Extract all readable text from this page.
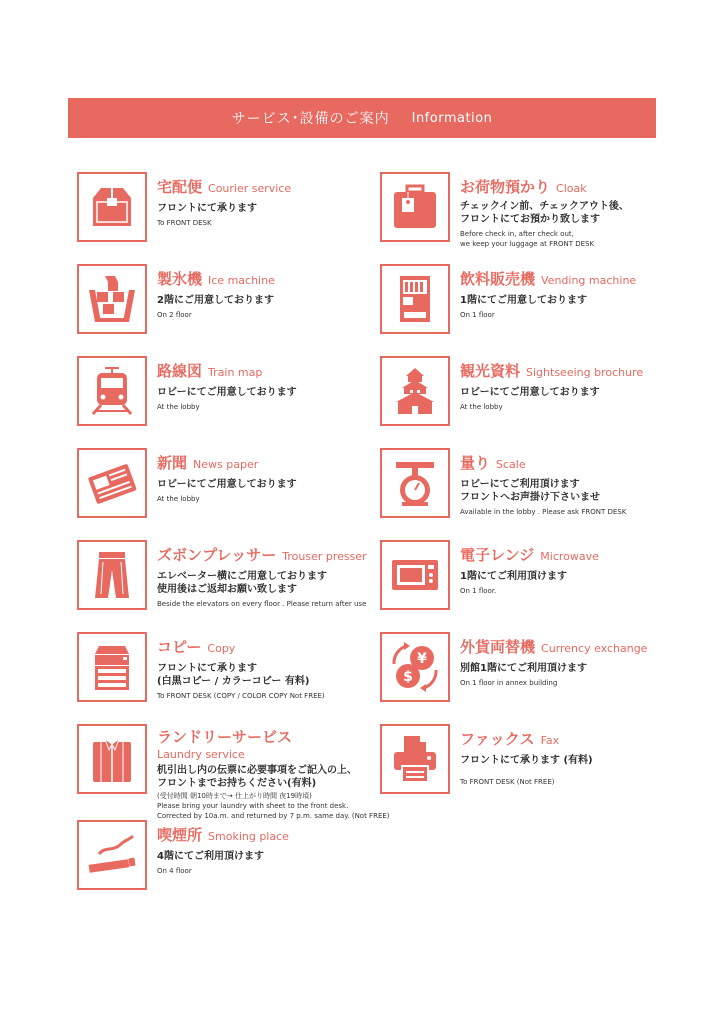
サービス･設備のご案内 Information
宅配便 Courier service
フロントにて承ります
To FRONT DESK
製氷機 Ice machine
2階にご用意しております
On 2 floor
路線図 Train map
ロビーにてご用意しております
At the lobby
新聞 News paper
ロビーにてご用意しております
At the lobby
ズボンプレッサー Trouser presser
エレベーター横にご用意しております
使用後はご返却お願い致します
Beside the elevators on every floor . Please return after use
コピー Copy
フロントにて承ります
(白黒コピー / カラーコピー 有料)
To FRONT DESK (COPY / COLOR COPY Not FREE)
ランドリーサービス
Laundry service
机引出し内の伝票に必要事項をご記入の上、
フロントまでお持ちください(有料)
(受付時間 朝10時まで→ 仕上がり時間 夜19時頃)
Please bring your laundry with sheet to the front desk.
Corrected by 10a.m. and returned by 7 p.m. same day. (Not FREE)
喫煙所 Smoking place
4階にてご利用頂けます
On 4 floor
お荷物預かり Cloak
チェックイン前、チェックアウト後、
フロントにてお預かり致します
Before check in, after check out,
we keep your luggage at FRONT DESK
飲料販売機 Vending machine
1階にてご用意しております
On 1 floor
観光資料 Sightseeing brochure
ロビーにてご用意しております
At the lobby
量り Scale
ロビーにてご利用頂けます
フロントへお声掛け下さいませ
Available in the lobby . Please ask FRONT DESK
電子レンジ Microwave
1階にてご利用頂けます
On 1 floor.
¥
$
外貨両替機 Currency exchange
別館1階にてご利用頂けます
On 1 floor in annex building
ファックス Fax
フロントにて承ります (有料)
To FRONT DESK (Not FREE)
